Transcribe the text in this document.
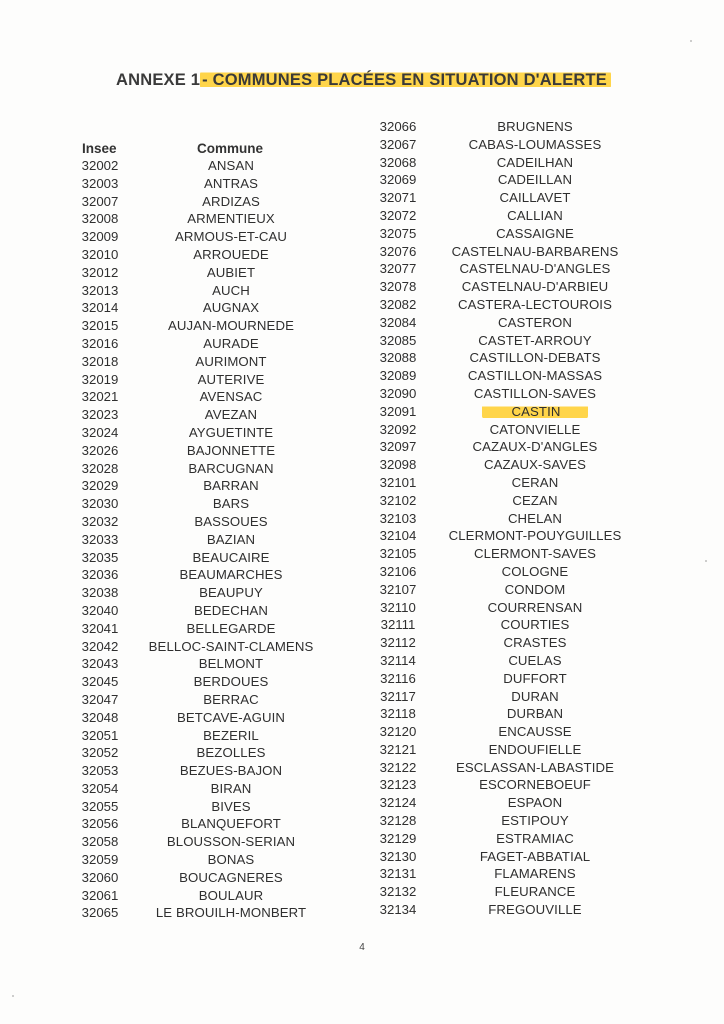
ANNEXE 1 - COMMUNES PLACÉES EN SITUATION D'ALERTE
Insee	Commune
32002	ANSAN
32003	ANTRAS
32007	ARDIZAS
32008	ARMENTIEUX
32009	ARMOUS-ET-CAU
32010	ARROUEDE
32012	AUBIET
32013	AUCH
32014	AUGNAX
32015	AUJAN-MOURNEDE
32016	AURADE
32018	AURIMONT
32019	AUTERIVE
32021	AVENSAC
32023	AVEZAN
32024	AYGUETINTE
32026	BAJONNETTE
32028	BARCUGNAN
32029	BARRAN
32030	BARS
32032	BASSOUES
32033	BAZIAN
32035	BEAUCAIRE
32036	BEAUMARCHES
32038	BEAUPUY
32040	BEDECHAN
32041	BELLEGARDE
32042	BELLOC-SAINT-CLAMENS
32043	BELMONT
32045	BERDOUES
32047	BERRAC
32048	BETCAVE-AGUIN
32051	BEZERIL
32052	BEZOLLES
32053	BEZUES-BAJON
32054	BIRAN
32055	BIVES
32056	BLANQUEFORT
32058	BLOUSSON-SERIAN
32059	BONAS
32060	BOUCAGNERES
32061	BOULAUR
32065	LE BROUILH-MONBERT
32066	BRUGNENS
32067	CABAS-LOUMASSES
32068	CADEILHAN
32069	CADEILLAN
32071	CAILLAVET
32072	CALLIAN
32075	CASSAIGNE
32076	CASTELNAU-BARBARENS
32077	CASTELNAU-D'ANGLES
32078	CASTELNAU-D'ARBIEU
32082	CASTERA-LECTOUROIS
32084	CASTERON
32085	CASTET-ARROUY
32088	CASTILLON-DEBATS
32089	CASTILLON-MASSAS
32090	CASTILLON-SAVES
32091	CASTIN
32092	CATONVIELLE
32097	CAZAUX-D'ANGLES
32098	CAZAUX-SAVES
32101	CERAN
32102	CEZAN
32103	CHELAN
32104	CLERMONT-POUYGUILLES
32105	CLERMONT-SAVES
32106	COLOGNE
32107	CONDOM
32110	COURRENSAN
32111	COURTIES
32112	CRASTES
32114	CUELAS
32116	DUFFORT
32117	DURAN
32118	DURBAN
32120	ENCAUSSE
32121	ENDOUFIELLE
32122	ESCLASSAN-LABASTIDE
32123	ESCORNEBOEUF
32124	ESPAON
32128	ESTIPOUY
32129	ESTRAMIAC
32130	FAGET-ABBATIAL
32131	FLAMARENS
32132	FLEURANCE
32134	FREGOUVILLE
4
